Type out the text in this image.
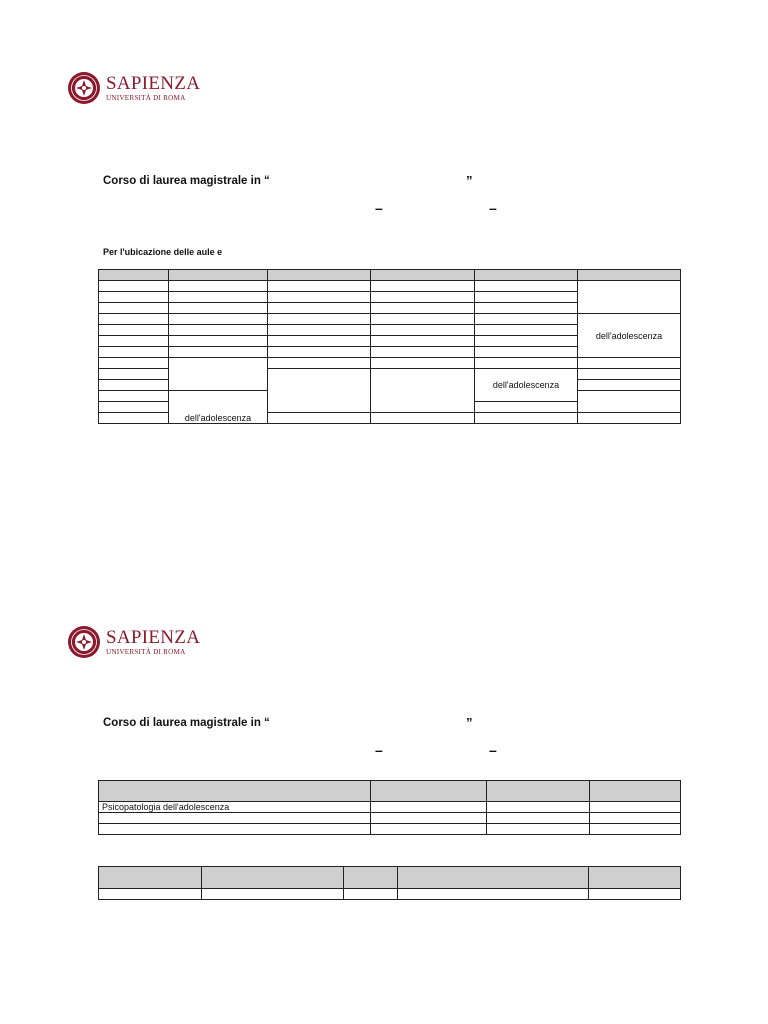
SAPIENZA
UNIVERSITÀ DI ROMA
Corso di laurea magistrale in “	”
–	–
Per l'ubicazione delle aule e

					dell'adolescenza

				dell'adolescenza	

	dell'adolescenza				

SAPIENZA
UNIVERSITÀ DI ROMA
Corso di laurea magistrale in “	”
–	–

Psicopatologia dell'adolescenza			
